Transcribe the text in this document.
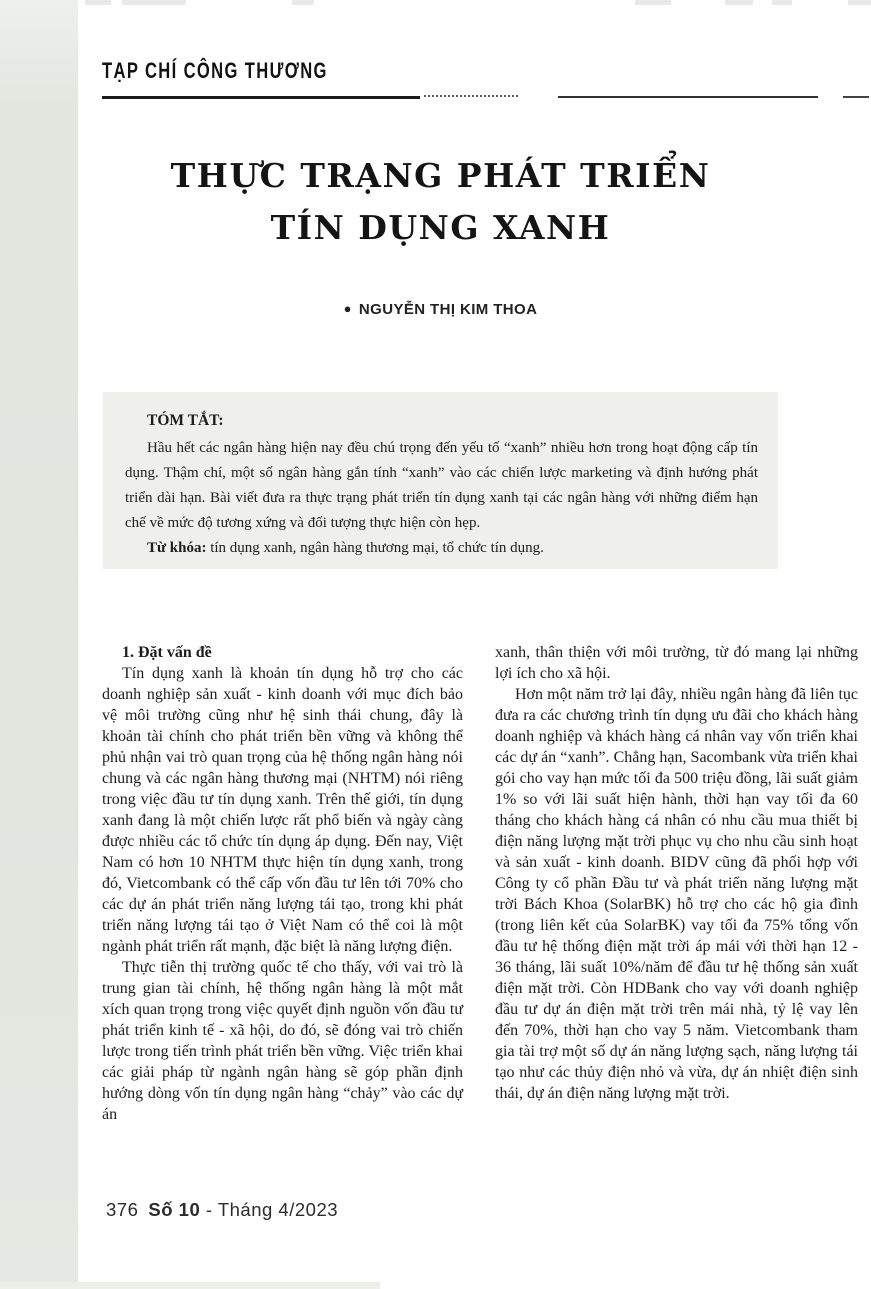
TẠP CHÍ CÔNG THƯƠNG
THỰC TRẠNG PHÁT TRIỂN
TÍN DỤNG XANH
● NGUYỄN THỊ KIM THOA

TÓM TẮT:

Hầu hết các ngân hàng hiện nay đều chú trọng đến yếu tố “xanh” nhiều hơn trong hoạt động cấp tín dụng. Thậm chí, một số ngân hàng gắn tính “xanh” vào các chiến lược marketing và định hướng phát triển dài hạn. Bài viết đưa ra thực trạng phát triển tín dụng xanh tại các ngân hàng với những điểm hạn chế về mức độ tương xứng và đối tượng thực hiện còn hẹp.

Từ khóa: tín dụng xanh, ngân hàng thương mại, tổ chức tín dụng.

1. Đặt vấn đề

Tín dụng xanh là khoản tín dụng hỗ trợ cho các doanh nghiệp sản xuất - kinh doanh với mục đích bảo vệ môi trường cũng như hệ sinh thái chung, đây là khoản tài chính cho phát triển bền vững và không thể phủ nhận vai trò quan trọng của hệ thống ngân hàng nói chung và các ngân hàng thương mại (NHTM) nói riêng trong việc đầu tư tín dụng xanh. Trên thế giới, tín dụng xanh đang là một chiến lược rất phổ biến và ngày càng được nhiều các tổ chức tín dụng áp dụng. Đến nay, Việt Nam có hơn 10 NHTM thực hiện tín dụng xanh, trong đó, Vietcombank có thể cấp vốn đầu tư lên tới 70% cho các dự án phát triển năng lượng tái tạo, trong khi phát triển năng lượng tái tạo ở Việt Nam có thể coi là một ngành phát triển rất mạnh, đặc biệt là năng lượng điện.

Thực tiễn thị trường quốc tế cho thấy, với vai trò là trung gian tài chính, hệ thống ngân hàng là một mắt xích quan trọng trong việc quyết định nguồn vốn đầu tư phát triển kinh tế - xã hội, do đó, sẽ đóng vai trò chiến lược trong tiến trình phát triển bền vững. Việc triển khai các giải pháp từ ngành ngân hàng sẽ góp phần định hướng dòng vốn tín dụng ngân hàng “chảy” vào các dự án

xanh, thân thiện với môi trường, từ đó mang lại những lợi ích cho xã hội.

Hơn một năm trở lại đây, nhiều ngân hàng đã liên tục đưa ra các chương trình tín dụng ưu đãi cho khách hàng doanh nghiệp và khách hàng cá nhân vay vốn triển khai các dự án “xanh”. Chẳng hạn, Sacombank vừa triển khai gói cho vay hạn mức tối đa 500 triệu đồng, lãi suất giảm 1% so với lãi suất hiện hành, thời hạn vay tối đa 60 tháng cho khách hàng cá nhân có nhu cầu mua thiết bị điện năng lượng mặt trời phục vụ cho nhu cầu sinh hoạt và sản xuất - kinh doanh. BIDV cũng đã phối hợp với Công ty cổ phần Đầu tư và phát triển năng lượng mặt trời Bách Khoa (SolarBK) hỗ trợ cho các hộ gia đình (trong liên kết của SolarBK) vay tối đa 75% tổng vốn đầu tư hệ thống điện mặt trời áp mái với thời hạn 12 - 36 tháng, lãi suất 10%/năm để đầu tư hệ thống sản xuất điện mặt trời. Còn HDBank cho vay với doanh nghiệp đầu tư dự án điện mặt trời trên mái nhà, tỷ lệ vay lên đến 70%, thời hạn cho vay 5 năm. Vietcombank tham gia tài trợ một số dự án năng lượng sạch, năng lượng tái tạo như các thủy điện nhỏ và vừa, dự án nhiệt điện sinh thái, dự án điện năng lượng mặt trời.

376 Số 10 - Tháng 4/2023
